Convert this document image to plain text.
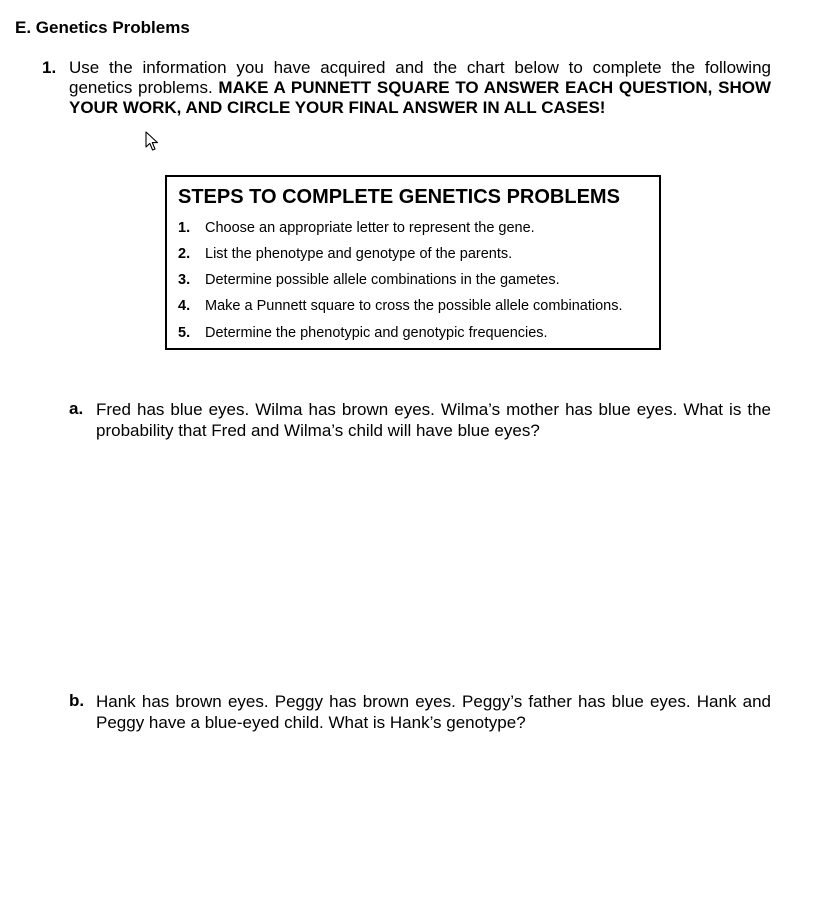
E. Genetics Problems
1. Use the information you have acquired and the chart below to complete the following genetics problems. MAKE A PUNNETT SQUARE TO ANSWER EACH QUESTION, SHOW YOUR WORK, AND CIRCLE YOUR FINAL ANSWER IN ALL CASES!
STEPS TO COMPLETE GENETICS PROBLEMS
1. Choose an appropriate letter to represent the gene.
2. List the phenotype and genotype of the parents.
3. Determine possible allele combinations in the gametes.
4. Make a Punnett square to cross the possible allele combinations.
5. Determine the phenotypic and genotypic frequencies.
a. Fred has blue eyes. Wilma has brown eyes. Wilma’s mother has blue eyes. What is the probability that Fred and Wilma’s child will have blue eyes?
b. Hank has brown eyes. Peggy has brown eyes. Peggy’s father has blue eyes. Hank and Peggy have a blue-eyed child. What is Hank’s genotype?
